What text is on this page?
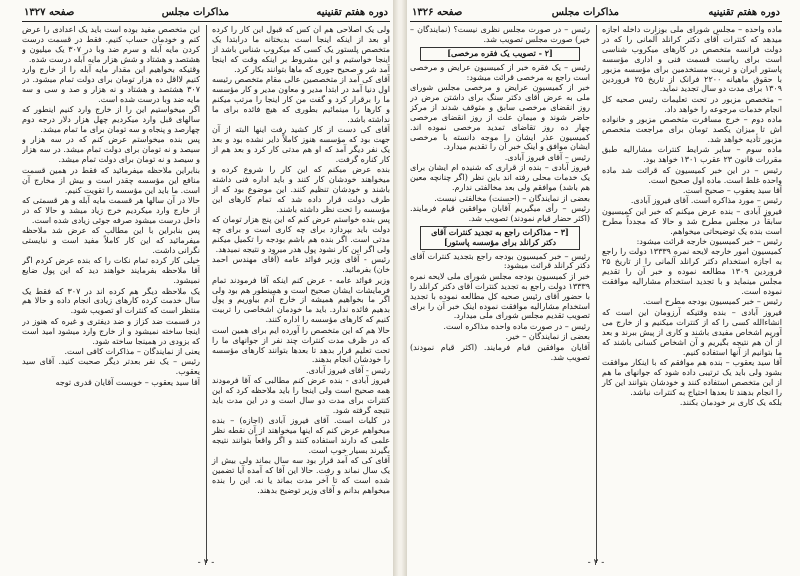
دوره هفتم تقنینیه
مذاکرات مجلس
صفحه ۱۳۲۷

ولی یک اصلاحی هم آن کس که قبول این کار را کرده او بعد از اینکه اینجا است بدبختانه ما درابتدا یک متخصص پلستور یک کسی که میکروب شناس باشد از اینجا خواستیم و این مشروط بر اینکه وقت که اینجا آمد شر و صحیح جوری که ماها بتوانند بکار کرد.

آقای کی آمد از متخصصین عالی مقام متخصص رئیسه اول دنیا آمد در ابتدا مدیر و معاون مدیر و کار مؤسسه ما را برقرار کرد و گفت من کار اینجا را مرتب میکنم و کارها را مینمائیم بطوری که هیچ فائده برای ما نداشته باشد.

آقای کی دست از کار کشید رفت اینها البته از آن جهت بود که مؤسسه هنوز کاملاً دایر نشده بود و بعد یک نفر دیگر آمد که او هم مدتی کار کرد و بعد هم از کار کناره گرفت.

بنده عرض میکنم که این کار را شروع کرده و میخواهند خودشان کار کنند و باید اداره فنی داشته باشند و خودشان تنظیم کنند. این موضوع بود که از طرف دولت قرار داده شد که تمام کارهای این مؤسسه را تحت نظر داشته باشند.

پس بنده خواستم عرض کنم که این پنج هزار تومان که دولت باید بپردازد برای چه کاری است و برای چه مدتی است. اگر بنده هم باشم بودجه را تکمیل میکنم ولی اگر این کار نشود پول هدر میرود و نتیجه نمیدهد.

رئیس - آقای وزیر فوائد عامه (آقای مهندس احمد خان) بفرمائید.

وزیر فوائد عامه - عرض کنم اینکه آقا فرمودند تمام فرمایشات ایشان صحیح است و همینطور هم بود ولی اگر ما بخواهیم همیشه از خارج آدم بیاوریم و پول بدهیم فائده ندارد. باید ما خودمان اشخاصی را تربیت کنیم که کارهای مؤسسه را اداره کنند.

حالا هم که این متخصص را آورده ایم برای همین است که در ظرف مدت کنترات چند نفر از جوانهای ما را تحت تعلیم قرار بدهد تا بعدها بتوانند کارهای مؤسسه را خودشان انجام بدهند.

رئیس - آقای فیروز آبادی.

فیروز آبادی - بنده عرض کنم مطالبی که آقا فرمودند همه صحیح است ولی اینجا را باید ملاحظه کرد که این کنترات برای مدت دو سال است و در این مدت باید نتیجه گرفته شود.

در کلیات است. آقای فیروز آبادی (اجازه) – بنده میخواهم عرض کنم که اینها میخواهند از آن نقطه نظر علمی که دارند استفاده کنند و اگر واقعاً بتوانند نتیجه بگیرند بسیار خوب است.

آقای کی که آمد قرار بود سه سال بماند ولی بیش از یک سال نماند و رفت. حالا این آقا که آمده آیا تضمین شده است که تا آخر مدت بماند یا نه. این را بنده میخواهم بدانم و آقای وزیر توضیح بدهند.

این متخصص مفید بوده است باید یک اعدادی را عرض کنم و خودمان حساب کنیم. فقط در قسمت درست کردن مایه آبله و سرم ضد وبا در ۳۰۷ یک میلیون و هشتصد و هشتاد و شش هزار مایه آبله درست شده.

وقتیکه بخواهیم این مقدار مایه آبله را از خارج وارد کنیم لااقل ده هزار تومان برای دولت تمام میشود. در ۳۰۷ هشتصد و هشتاد و نه هزار و صد و سی و سه مایه ضد وبا درست شده است.

اگر میخواستیم این را از خارج وارد کنیم اینطور که سالهای قبل وارد میکردیم چهل هزار دلار درجه دوم چهارصد و پنجاه و سه تومان برای ما تمام میشد.

پس بنده میخواستم عرض کنم که در سه هزار و سیصد و نه تومان برای دولت تمام میشد. در سه هزار و سیصد و نه تومان برای دولت تمام میشد.

بنابراین ملاحظه میفرمائید که فقط در همین قسمت منافع این مؤسسه چقدر است و بیش از مخارج آن است. ما باید این مؤسسه را تقویت کنیم.

حالا در آن سالها هر قسمت مایه آبله و هر قسمتی که از خارج وارد میکردیم خرج زیاد میشد و حالا که در داخل درست میشود صرفه جوئی زیادی شده است.

پس بنابراین با این مطالب که عرض شد ملاحظه میفرمائید که این کار کاملاً مفید است و نبایستی نگرانی داشت.

خیلی کار کرده تمام نکات را که بنده عرض کردم اگر آقا ملاحظه بفرمایند خواهند دید که این پول ضایع نمیشود.

یک ملاحظه دیگر هم کرده اند در ۳۰۷ که فقط یک سال خدمت کرده کارهای زیادی انجام داده و حالا هم منتظر است که کنترات او تصویب شود.

در قسمت ضد کزاز و ضد دیفتری و غیره که هنوز در اینجا ساخته نمیشود و از خارج وارد میشود امید است که بزودی در همینجا ساخته شود.

یعنی از نمایندگان – مذاکرات کافی است.

رئیس – یک نفر بعدتر دیگر صحبت کنید. آقای سید یعقوب.

آقا سید یعقوب – خوبست آقایان قدری توجه

- ۲ -
دوره هفتم تقنینیه
مذاکرات مجلس
صفحه ۱۳۲۶

ماده واحده – مجلس شورای ملی بوزارت داخله اجازه میدهد که کنترات آقای دکتر کرانلد آلمانی را که در دولت فرانسه متخصص در کارهای میکروب شناسی است برای ریاست قسمت فنی و اداری مؤسسه پاستور ایران و تربیت مستخدمین برای مؤسسه مزبور با حقوق ماهیانه ۲۲۰۰ فرانک از تاریخ ۲۵ فروردین ۱۳۰۹ برای مدت دو سال تجدید نماید.

– متخصص مزبور در تحت تعلیمات رئیس صحیه کل انجام خدمات مرجوعه را خواهد داد.

ماده دوم – خرج مسافرت متخصص مزبور و خانواده اش تا میزان یکصد تومان برای مراجعت متخصص مزبور تأدیه خواهد شد.

ماده سوم – سایر شرایط کنترات مشارالیه طبق مقررات قانون ۲۳ عقرب ۱۳۰۱ خواهد بود.

رئیس – در این خبر کمیسیون که قرائت شد ماده واحده غلط است. ماده اول صحیح است.

آقا سید یعقوب – صحیح است.

رئیس – مورد مذاکره است. آقای فیروز آبادی.

فیروز آبادی – بنده عرض میکنم که خبر این کمیسیون سابقاً در مجلس مطرح شد و حالا که مجدداً مطرح است بنده یک توضیحاتی میخواهم.

رئیس – خبر کمیسیون خارجه قرائت میشود:

کمیسیون امور خارجه لایحه نمره ۱۳۳۳۹ دولت را راجع به اجازه استخدام دکتر کرانلد آلمانی را از تاریخ ۲۵ فروردین ۱۳۰۹ مطالعه نموده و خبر آن را تقدیم مجلس مینماید و با تجدید استخدام مشارالیه موافقت نموده است.

رئیس – خبر کمیسیون بودجه مطرح است.

فیروز آبادی – بنده وقتیکه آرزومان این است که انشاءالله کسی را که از کنترات میکنیم و از خارج می آوریم اشخاص مفیدی باشند و کاری از پیش ببرند و بعد از آن هم نتیجه بگیریم و آن اشخاص کسانی باشند که ما بتوانیم از آنها استفاده کنیم.

آقا سید یعقوب – بنده هم موافقم که با اینکار موافقت بشود ولی باید یک ترتیبی داده شود که جوانهای ما هم از این متخصص استفاده کنند و خودشان بتوانند این کار را انجام بدهند تا بعدها احتیاج به کنترات نباشد.

بلکه یک کاری بر خودمان بکنند.

رئیس – در صورت مجلس نظری نیست؟ (نمایندگان – خیر) صورت مجلس تصویب شد.

[۲ - تصویب یک فقره مرخصی]

رئیس – یک فقره خبر از کمیسیون عرایض و مرخصی است راجع به مرخصی قرائت میشود:

خبر از کمیسیون عرایض و مرخصی مجلس شورای ملی به عرض آقای دکتر سنگ برای داشتن مرض در روز انقضای مرخصی سابق و متوقف شدند از مرکز حاضر شوند و میمان علت از روز انقضای مرخصی چهار ده روز تقاضای تمدید مرخصی نموده اند. کمیسیون عذر ایشان را موجه دانسته با مرخصی ایشان موافق و اینک خبر آن را تقدیم میدارد.

رئیس – آقای فیروز آبادی.

فیروز آبادی – بنده از قراری که شنیده ام ایشان برای یک خدمات محلی رفته اند باین نظر (اگر چنانچه معین هم باشد) موافقم ولی بعد مخالفتی ندارم.

بعضی از نمایندگان – (احسنت) مخالفتی نیست.

رئیس – رأی میگیریم آقایان موافقین قیام فرمایند. (اکثر حضار قیام نمودند) تصویب شد.

[۳ – مذاکرات راجع به تجدید کنترات آقای دکتر کرانلد برای مؤسسه پاستور]

رئیس – خبر کمیسیون بودجه راجع بتجدید کنترات آقای دکتر کرانلد قرائت میشود:

خبر از کمیسیون بودجه مجلس شورای ملی لایحه نمره ۱۳۳۳۹ دولت راجع به تجدید کنترات آقای دکتر کرانلد را با حضور آقای رئیس صحیه کل مطالعه نموده با تجدید استخدام مشارالیه موافقت نموده اینک خبر آن را برای تصویب تقدیم مجلس شورای ملی میدارد.

رئیس – در صورت ماده واحده مذاکره است.

بعضی از نمایندگان – خیر.

آقایان موافقین قیام فرمایند. (اکثر قیام نمودند) تصویب شد.

- ۲ -
